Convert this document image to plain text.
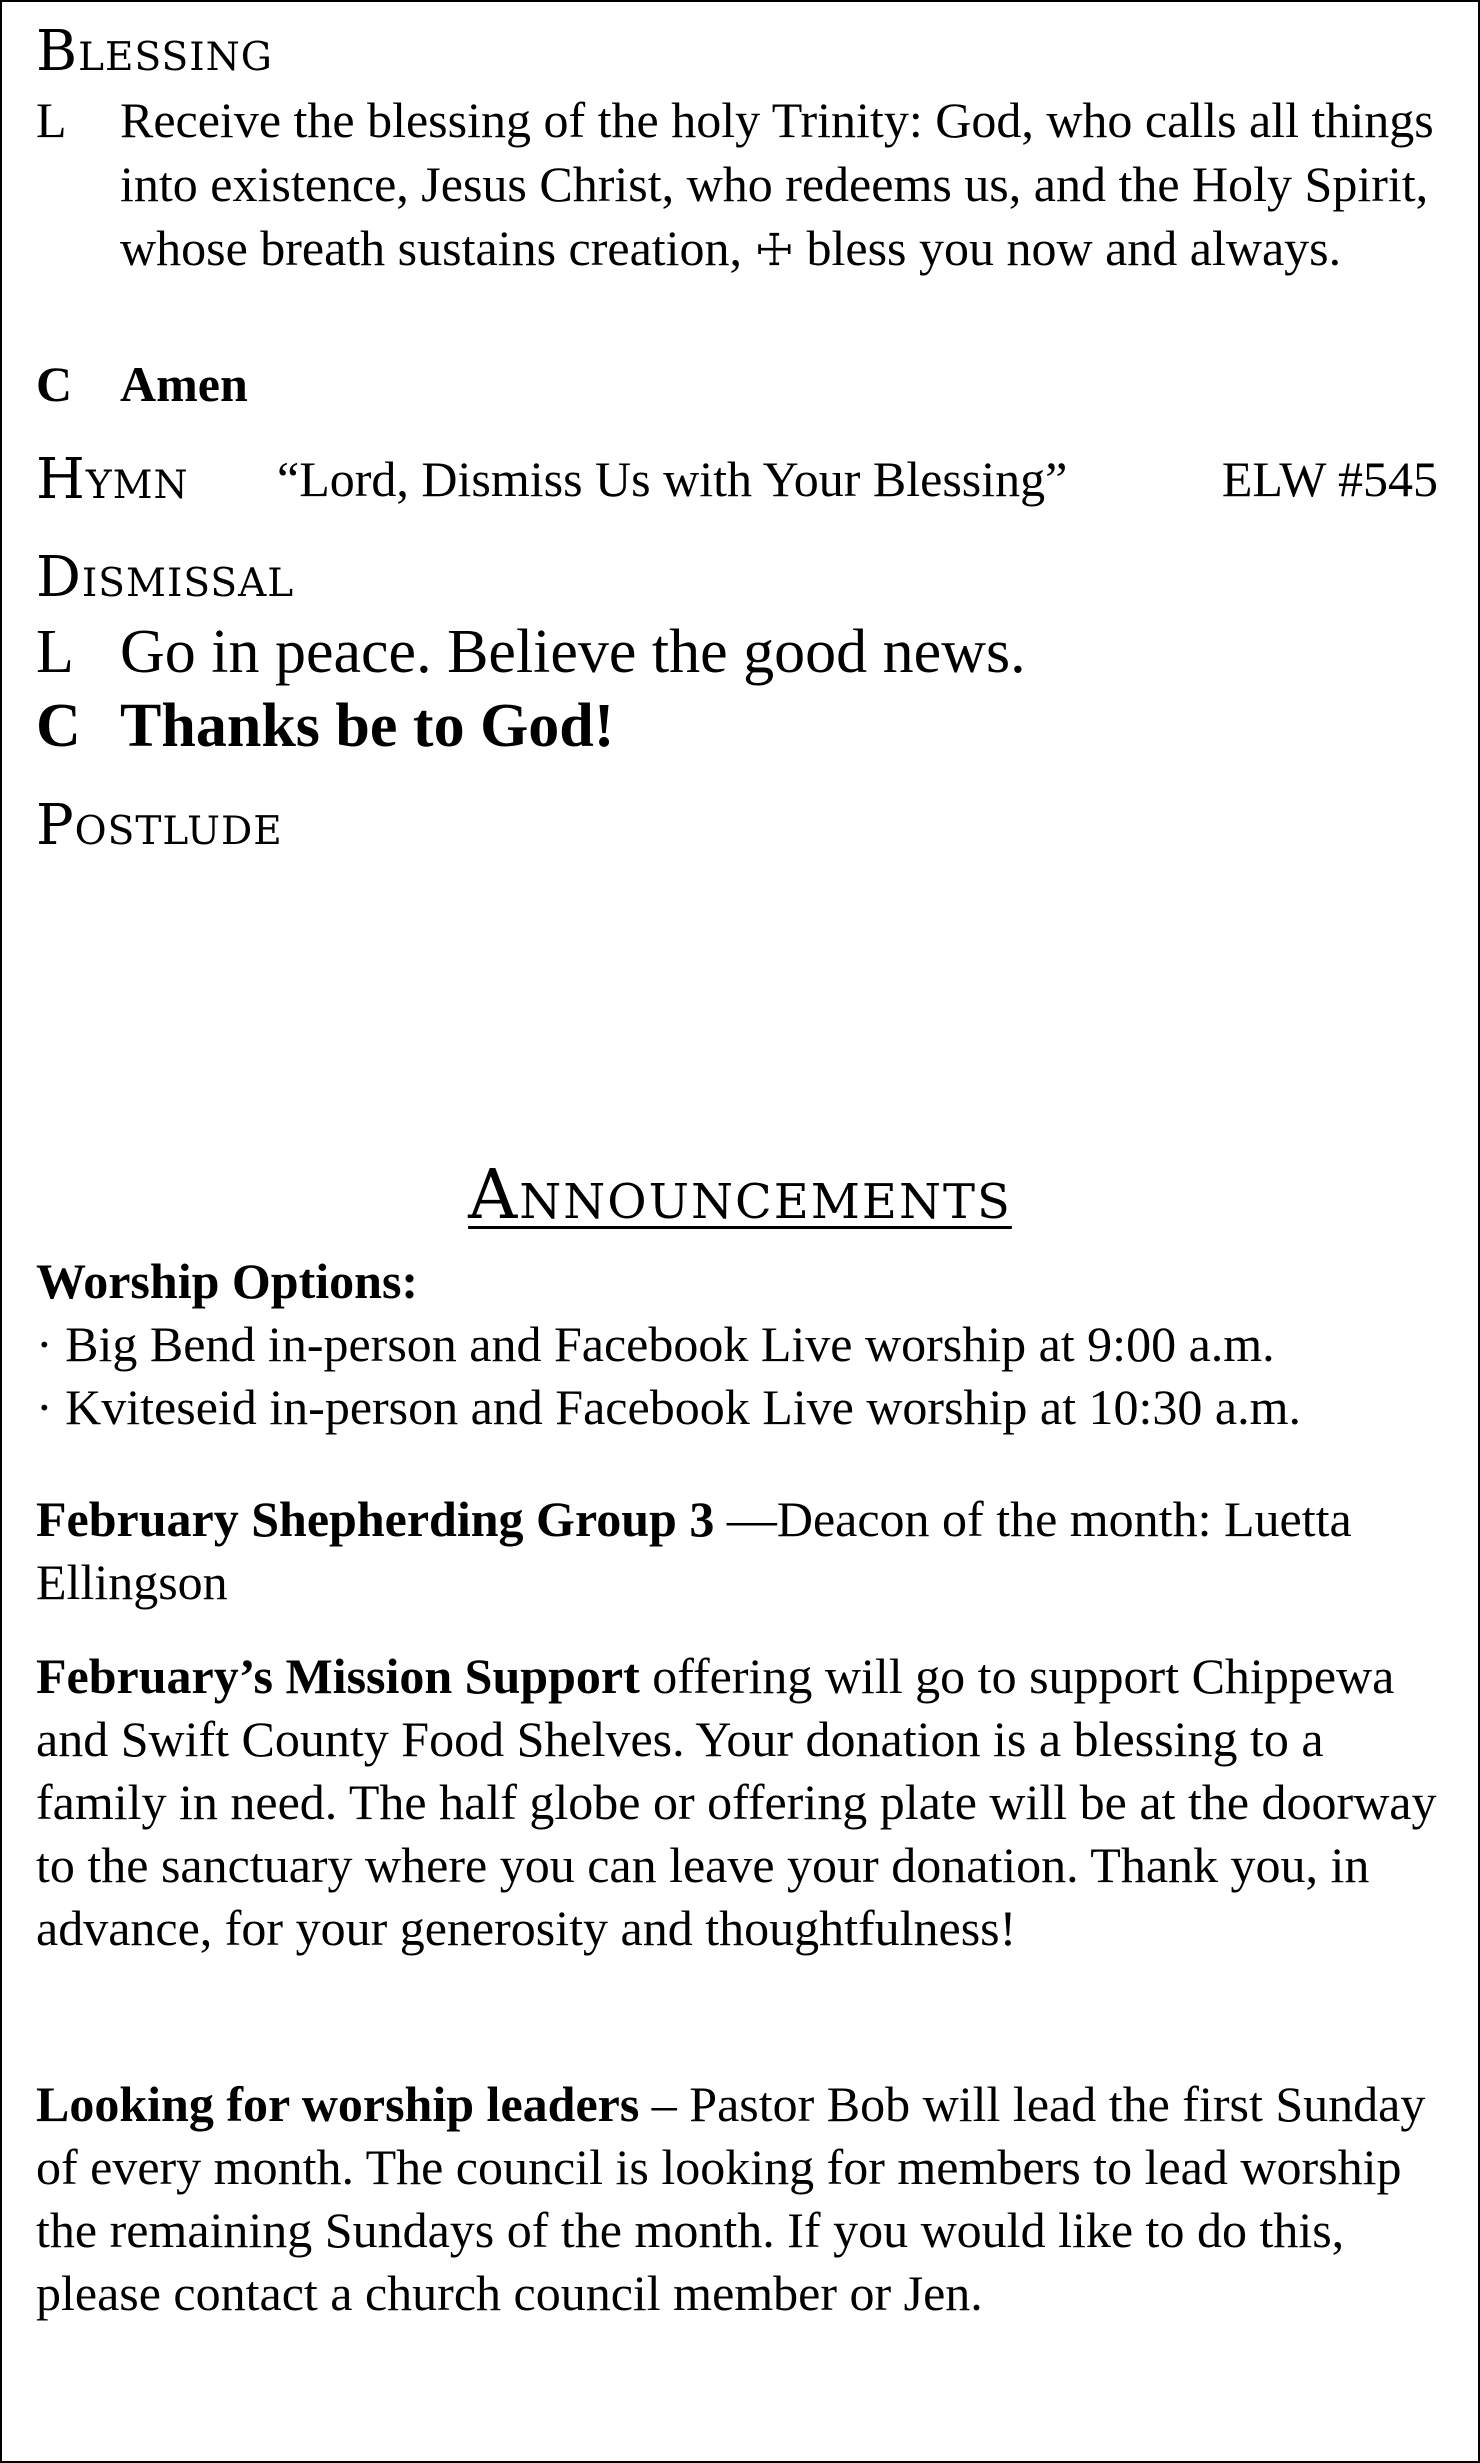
Blessing
L	Receive the blessing of the holy Trinity: God, who calls all things into existence, Jesus Christ, who redeems us, and the Holy Spirit, whose breath sustains creation, ☩ bless you now and always.
C Amen
Hymn “Lord, Dismiss Us with Your Blessing”	ELW #545
Dismissal
L Go in peace. Believe the good news.
C Thanks be to God!
Postlude
Announcements

Worship Options:

· Big Bend in-person and Facebook Live worship at 9:00 a.m.

· Kviteseid in-person and Facebook Live worship at 10:30 a.m.

February Shepherding Group 3 —Deacon of the month: Luetta Ellingson

February’s Mission Support offering will go to support Chippewa and Swift County Food Shelves. Your donation is a blessing to a family in need. The half globe or offering plate will be at the doorway to the sanctuary where you can leave your donation. Thank you, in advance, for your generosity and thoughtfulness!

Looking for worship leaders – Pastor Bob will lead the first Sunday of every month. The council is looking for members to lead worship the remaining Sundays of the month. If you would like to do this, please contact a church council member or Jen.
